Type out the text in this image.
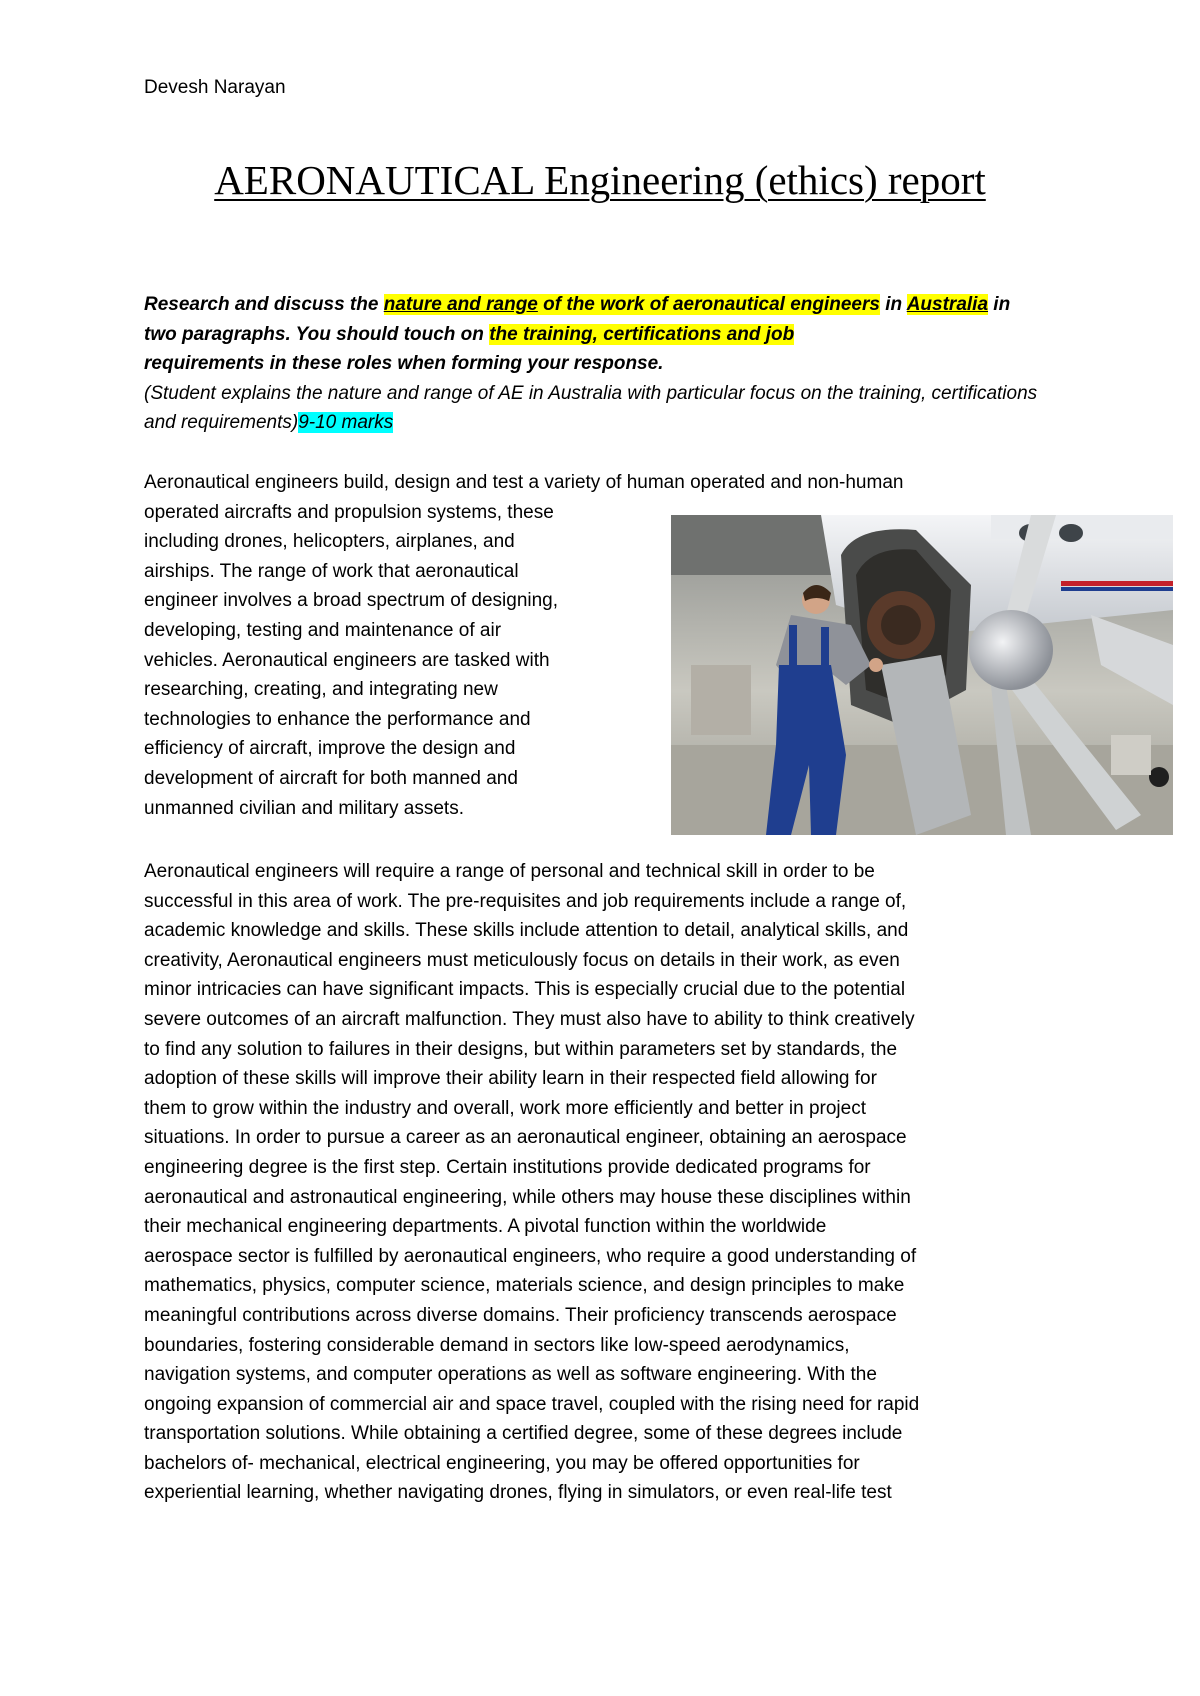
Devesh Narayan
AERONAUTICAL Engineering (ethics) report
Research and discuss the nature and range of the work of aeronautical engineers in Australia in two paragraphs. You should touch on the training, certifications and job
requirements in these roles when forming your response.
(Student explains the nature and range of AE in Australia with particular focus on the training, certifications and requirements)9-10 marks
Aeronautical engineers build, design and test a variety of human operated and non-human
operated aircrafts and propulsion systems, these
including drones, helicopters, airplanes, and
airships. The range of work that aeronautical
engineer involves a broad spectrum of designing,
developing, testing and maintenance of air
vehicles. Aeronautical engineers are tasked with
researching, creating, and integrating new
technologies to enhance the performance and
efficiency of aircraft, improve the design and
development of aircraft for both manned and
unmanned civilian and military assets.
Aeronautical engineers will require a range of personal and technical skill in order to be
successful in this area of work. The pre-requisites and job requirements include a range of,
academic knowledge and skills. These skills include attention to detail, analytical skills, and
creativity, Aeronautical engineers must meticulously focus on details in their work, as even
minor intricacies can have significant impacts. This is especially crucial due to the potential
severe outcomes of an aircraft malfunction. They must also have to ability to think creatively
to find any solution to failures in their designs, but within parameters set by standards, the
adoption of these skills will improve their ability learn in their respected field allowing for
them to grow within the industry and overall, work more efficiently and better in project
situations. In order to pursue a career as an aeronautical engineer, obtaining an aerospace
engineering degree is the first step. Certain institutions provide dedicated programs for
aeronautical and astronautical engineering, while others may house these disciplines within
their mechanical engineering departments. A pivotal function within the worldwide
aerospace sector is fulfilled by aeronautical engineers, who require a good understanding of
mathematics, physics, computer science, materials science, and design principles to make
meaningful contributions across diverse domains. Their proficiency transcends aerospace
boundaries, fostering considerable demand in sectors like low-speed aerodynamics,
navigation systems, and computer operations as well as software engineering. With the
ongoing expansion of commercial air and space travel, coupled with the rising need for rapid
transportation solutions. While obtaining a certified degree, some of these degrees include
bachelors of- mechanical, electrical engineering, you may be offered opportunities for
experiential learning, whether navigating drones, flying in simulators, or even real-life test
